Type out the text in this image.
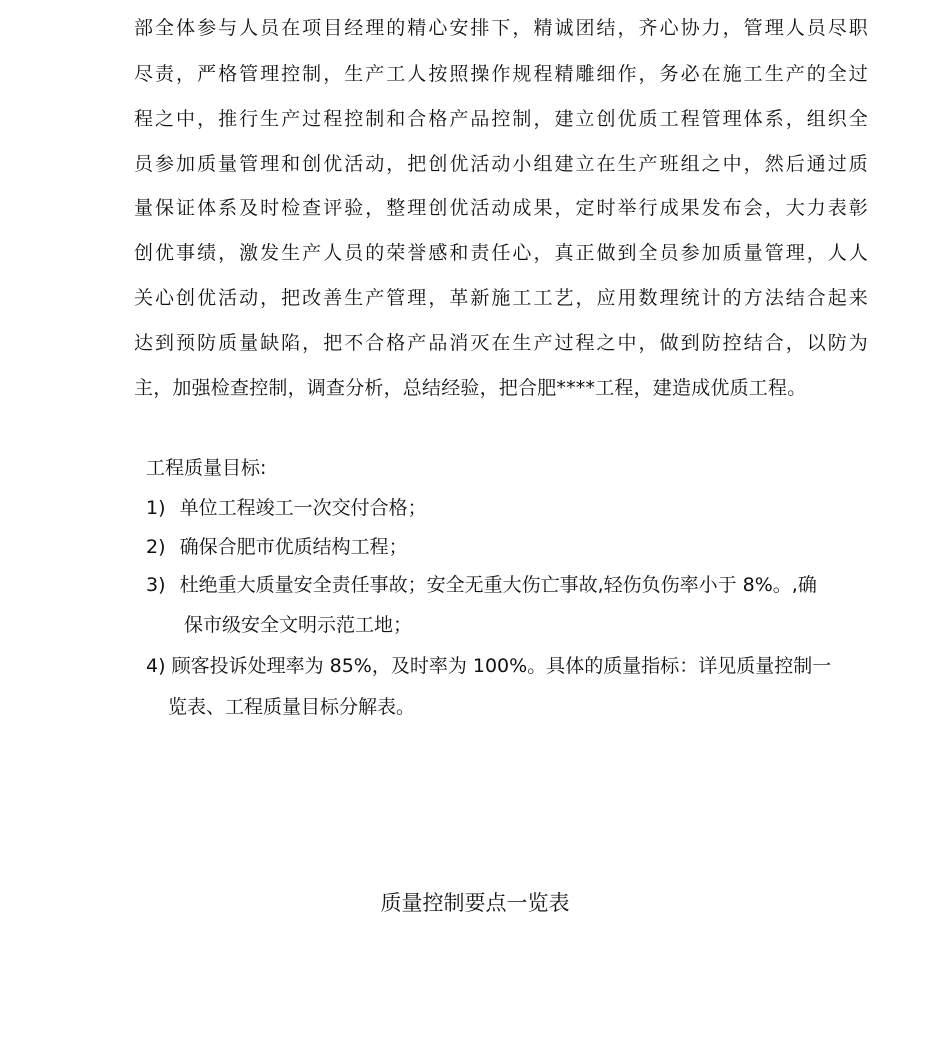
部全体参与人员在项目经理的精心安排下，精诚团结，齐心协力，管理人员尽职
尽责，严格管理控制，生产工人按照操作规程精雕细作，务必在施工生产的全过
程之中，推行生产过程控制和合格产品控制，建立创优质工程管理体系，组织全
员参加质量管理和创优活动，把创优活动小组建立在生产班组之中，然后通过质
量保证体系及时检查评验，整理创优活动成果，定时举行成果发布会，大力表彰
创优事绩，激发生产人员的荣誉感和责任心，真正做到全员参加质量管理，人人
关心创优活动，把改善生产管理，革新施工工艺，应用数理统计的方法结合起来
达到预防质量缺陷，把不合格产品消灭在生产过程之中，做到防控结合，以防为
主，加强检查控制，调查分析，总结经验，把合肥****工程，建造成优质工程。
工程质量目标:
1) 单位工程竣工一次交付合格；
2) 确保合肥市优质结构工程；
3) 杜绝重大质量安全责任事故；安全无重大伤亡事故,轻伤负伤率小于 8%。,确
保市级安全文明示范工地；
4) 顾客投诉处理率为 85%，及时率为 100%。具体的质量指标：详见质量控制一
览表、工程质量目标分解表。
质量控制要点一览表
